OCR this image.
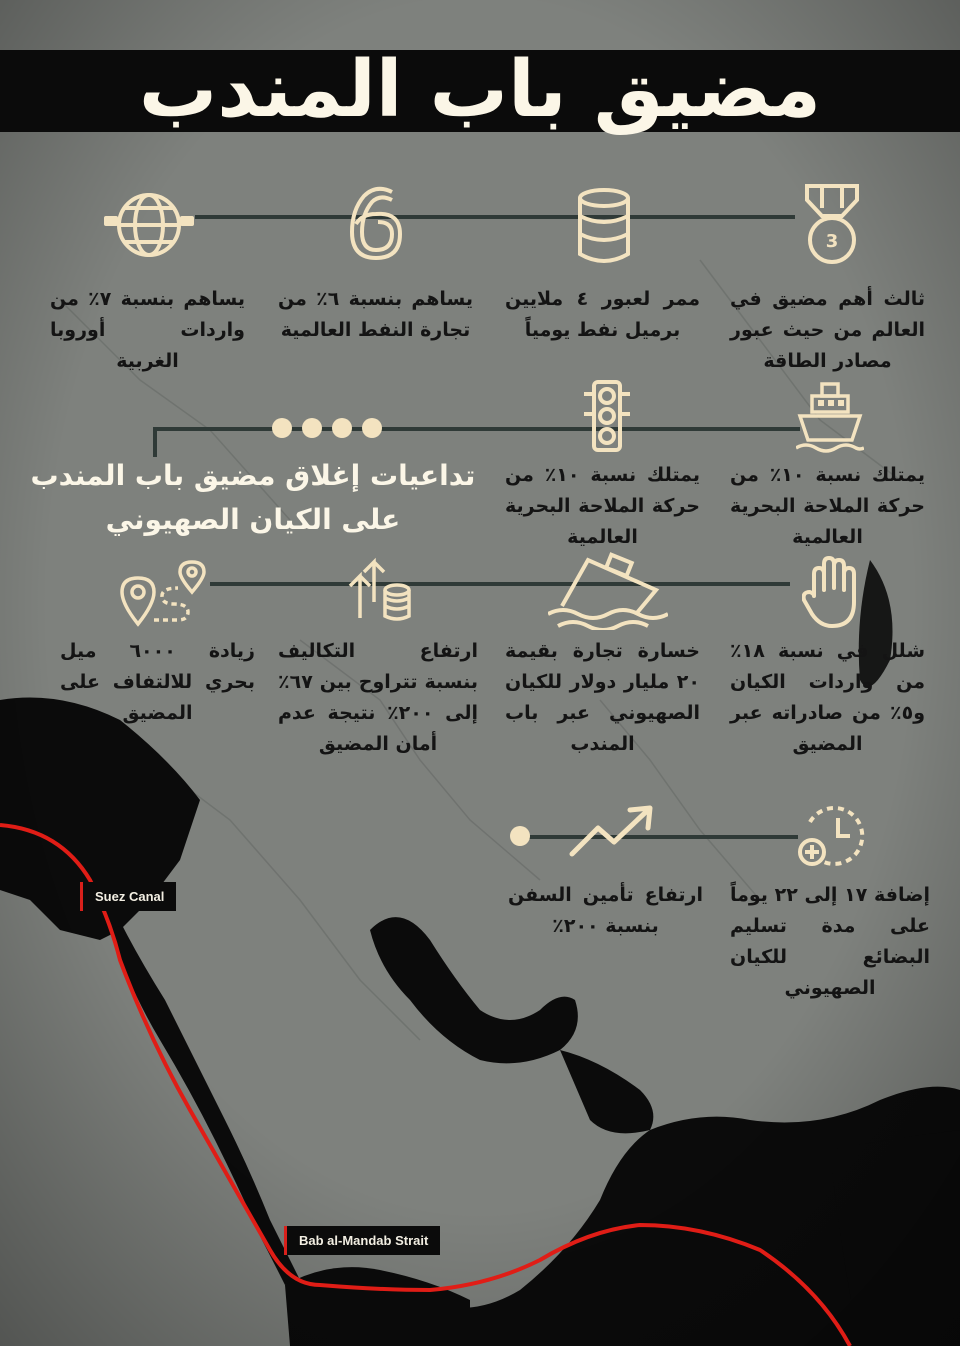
مضيق باب المندب
3
ثالث أهم مضيق في العالم من حيث عبور مصادر الطاقة
ممر لعبور ٤ ملايين برميل نفط يومياً
يساهم بنسبة ٦٪ من تجارة النفط العالمية
يساهم بنسبة ٧٪ من واردات أوروبا الغربية
يمتلك نسبة ١٠٪ من حركة الملاحة البحرية العالمية
يمتلك نسبة ١٠٪ من حركة الملاحة البحرية العالمية
تداعيات إغلاق مضيق باب المندب على الكيان الصهيوني
شلل في نسبة ١٨٪ من واردات الكيان و٥٪ من صادراته عبر المضيق
خسارة تجارة بقيمة ٢٠ مليار دولار للكيان الصهيوني عبر باب المندب
ارتفاع التكاليف بنسبة تتراوح بين ٦٧٪ إلى ٢٠٠٪ نتيجة عدم أمان المضيق
زيادة ٦٠٠٠ ميل بحري للالتفاف على المضيق
إضافة ١٧ إلى ٢٢ يوماً على مدة تسليم البضائع للكيان الصهيوني
ارتفاع تأمين السفن بنسبة ٢٠٠٪
Suez Canal
Bab al-Mandab Strait
